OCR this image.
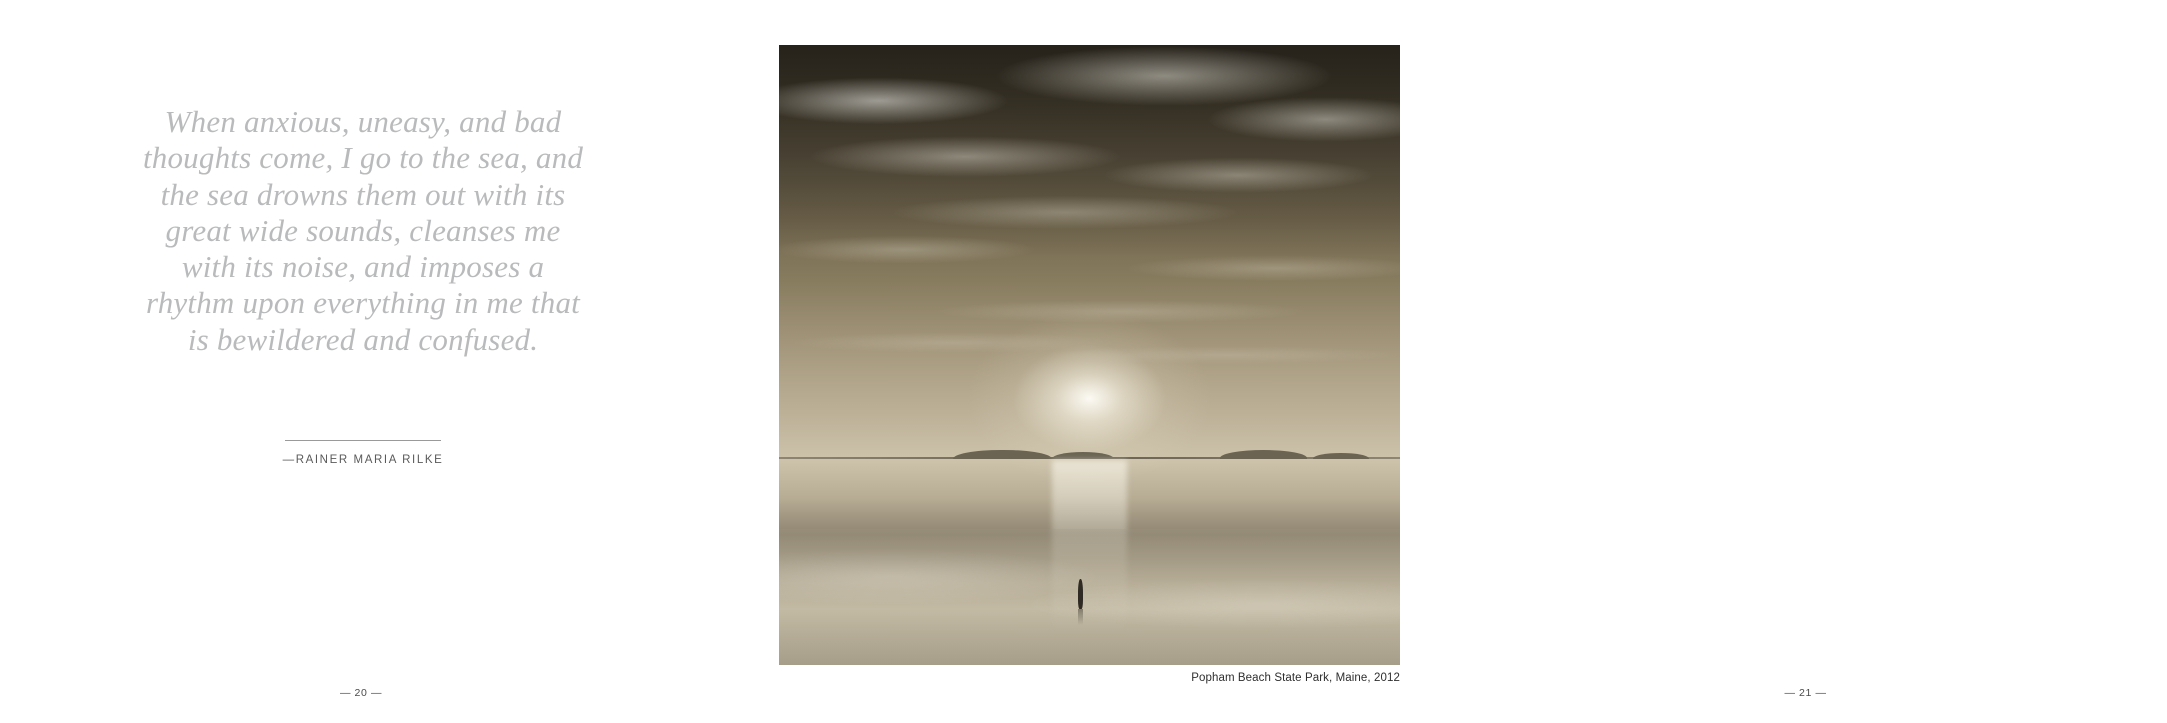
When anxious, uneasy, and bad thoughts come, I go to the sea, and the sea drowns them out with its great wide sounds, cleanses me with its noise, and imposes a rhythm upon everything in me that is bewildered and confused.

—RAINER MARIA RILKE
— 20 —
Popham Beach State Park, Maine, 2012
— 21 —
